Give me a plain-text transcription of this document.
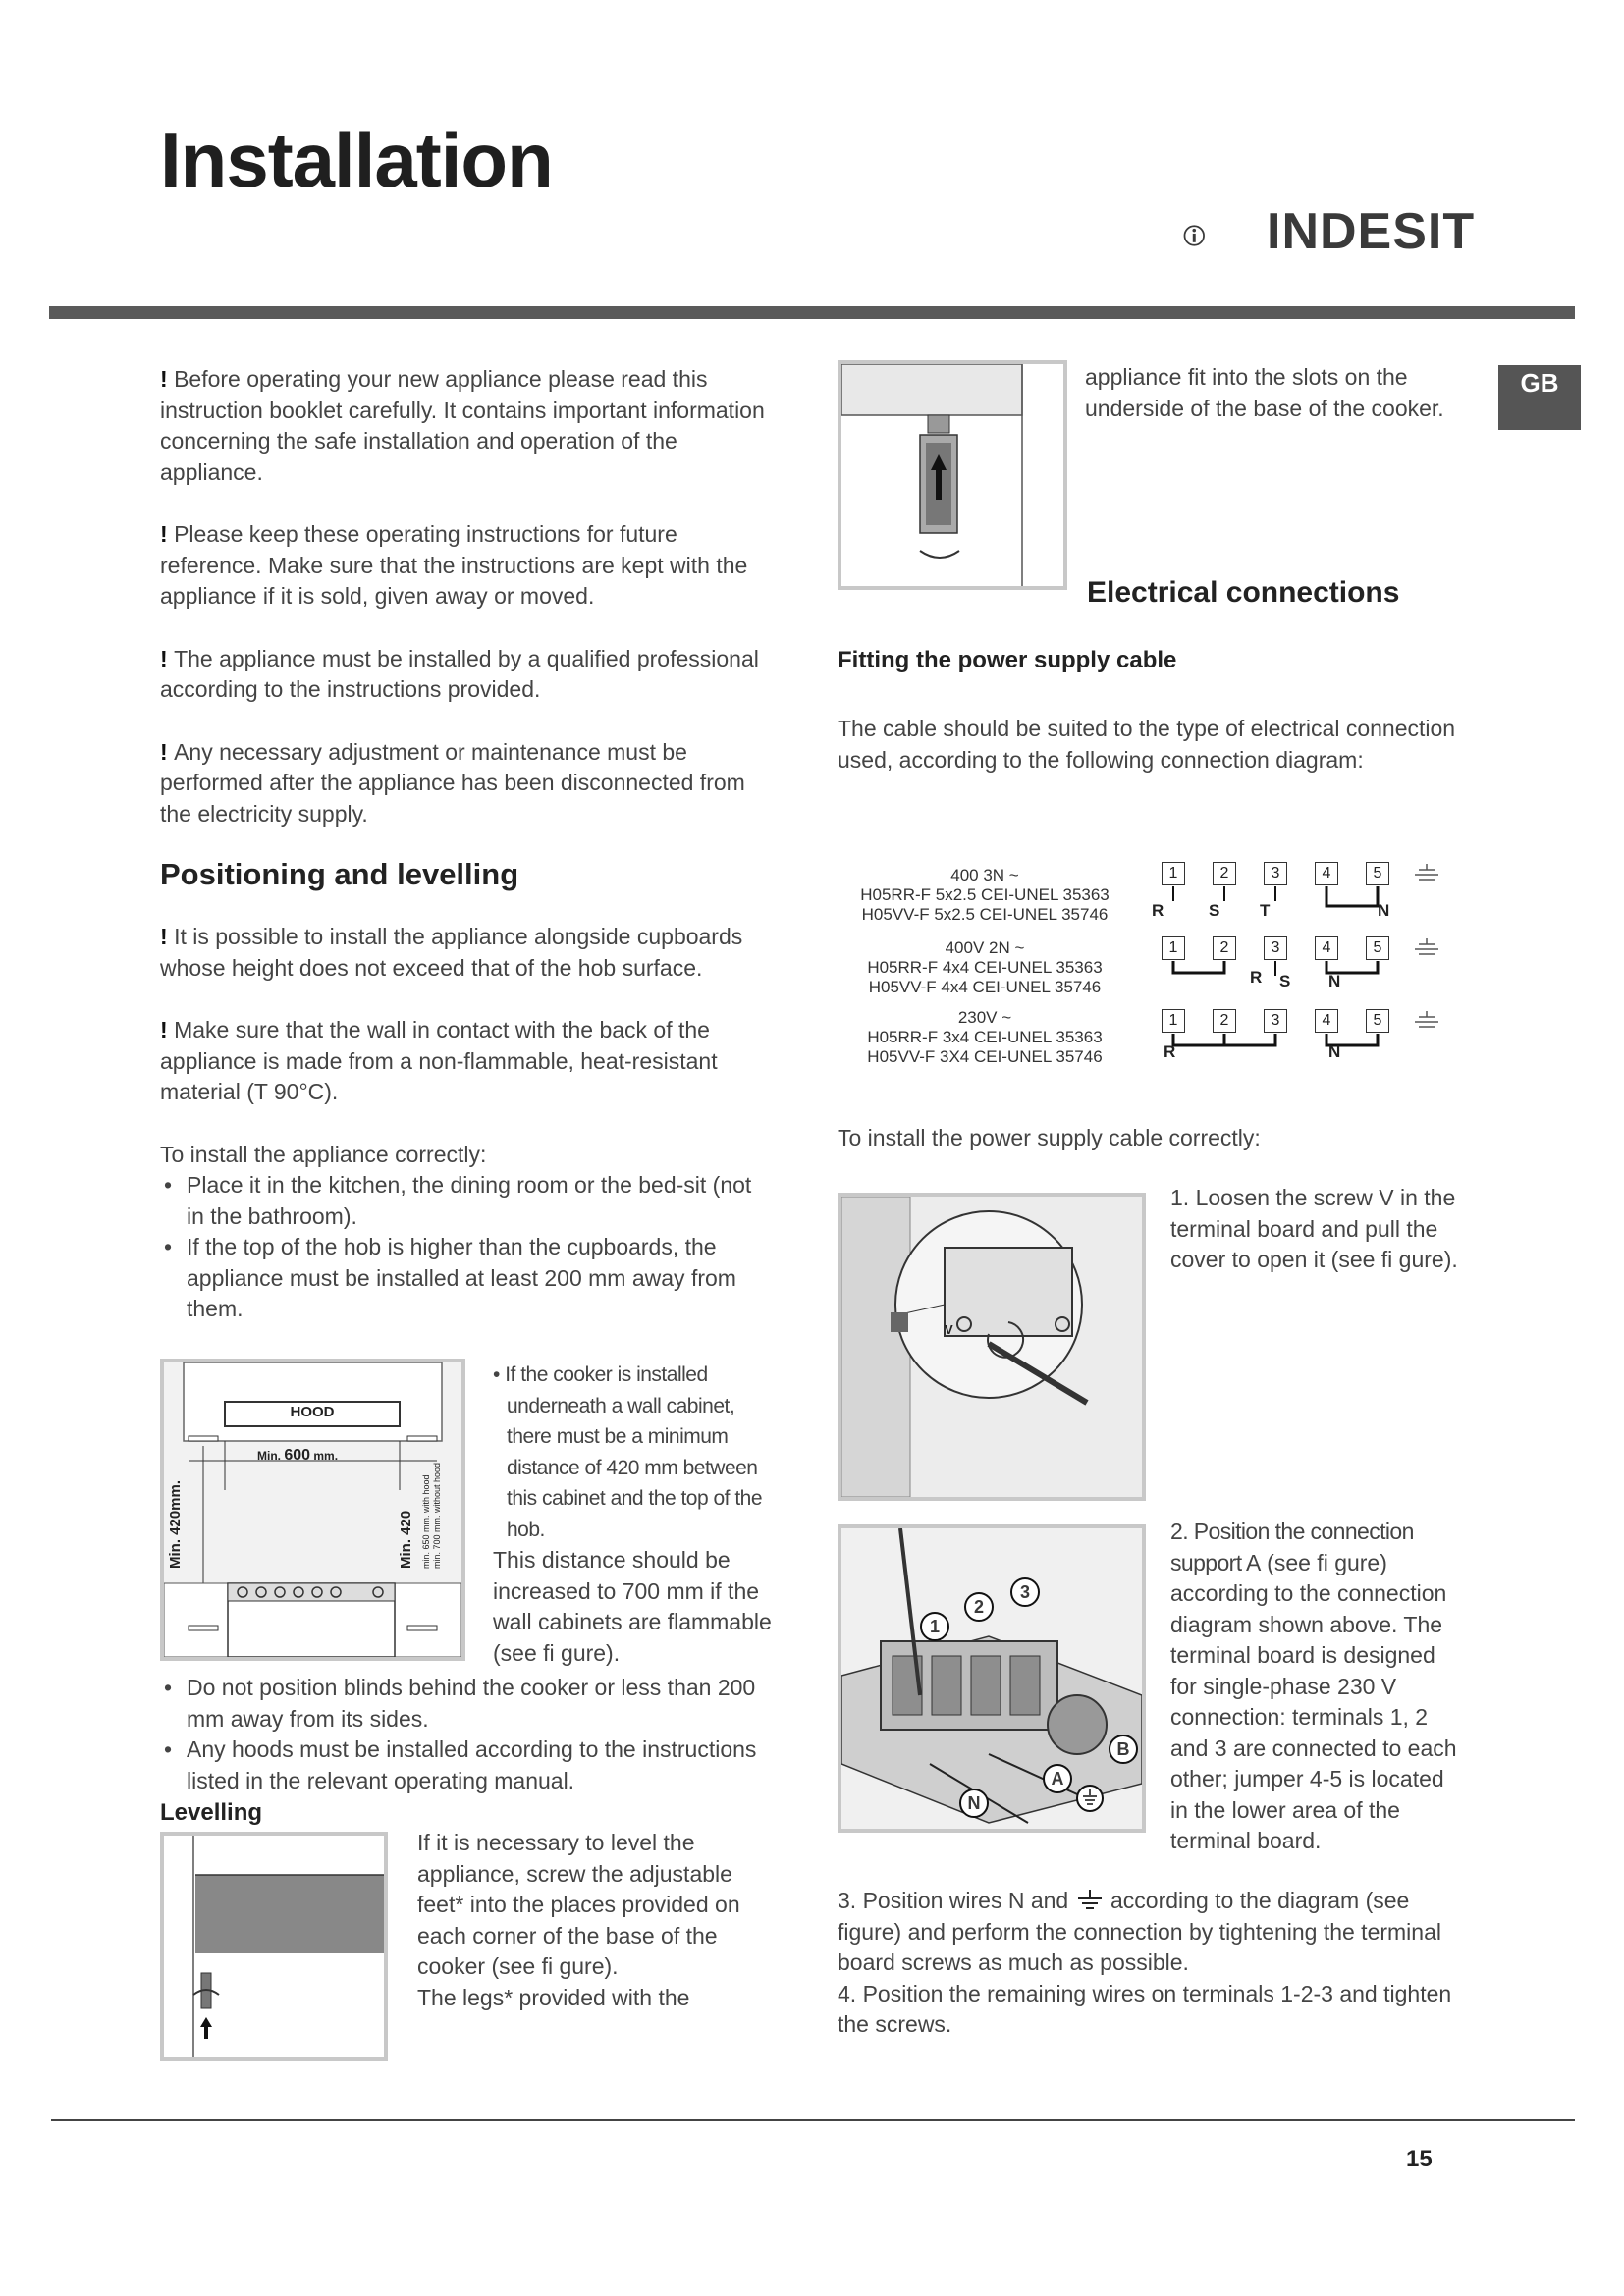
Installation
INDESIT
GB

! Before operating your new appliance please read this instruction booklet carefully. It contains important information concerning the safe installation and operation of the appliance.

! Please keep these operating instructions for future reference. Make sure that the instructions are kept with the appliance if it is sold, given away or moved.

! The appliance must be installed by a qualified professional according to the instructions provided.

! Any necessary adjustment or maintenance must be performed after the appliance has been disconnected from the electricity supply.

Positioning and levelling

! It is possible to install the appliance alongside cupboards whose height does not exceed that of the hob surface.

! Make sure that the wall in contact with the back of the appliance is made from a non-flammable, heat-resistant material (T 90°C).

To install the appliance correctly:

• Place it in the kitchen, the dining room or the bed-sit (not in the bathroom).
• If the top of the hob is higher than the cupboards, the appliance must be installed at least 200 mm away from them.
HOOD
Min. 600 mm.
Min. 420mm.	Min. 420 min. 650 mm. with hood min. 700 mm. without hood
• If the cooker is installed underneath a wall cabinet, there must be a minimum distance of 420 mm between this cabinet and the top of the hob.
This distance should be increased to 700 mm if the wall cabinets are flammable (see fi gure).
• Do not position blinds behind the cooker or less than 200 mm away from its sides.
• Any hoods must be installed according to the instructions listed in the relevant operating manual.
Levelling
If it is necessary to level the appliance, screw the adjustable feet* into the places provided on each corner of the base of the cooker (see fi gure).
The legs* provided with the
appliance fit into the slots on the underside of the base of the cooker.
Electrical connections
Fitting the power supply cable
The cable should be suited to the type of electrical connection used, according to the following connection diagram:
400 3N ~
H05RR-F 5x2.5 CEI-UNEL 35363
H05VV-F 5x2.5 CEI-UNEL 35746
400V 2N ~
H05RR-F 4x4 CEI-UNEL 35363
H05VV-F 4x4 CEI-UNEL 35746
230V ~
H05RR-F 3x4 CEI-UNEL 35363
H05VV-F 3X4 CEI-UNEL 35746
1	2	3	4	5
R	S T	N
1	2	3	4	5
R S N
1	2	3	4	5
R	N
To install the power supply cable correctly:
V
1. Loosen the screw V in the terminal board and pull the cover to open it (see fi gure).
1
2
3
B
A
N
2. Position the connection support A (see fi gure)
according to the connection diagram shown above. The terminal board is designed for single-phase 230 V connection: terminals 1, 2 and 3 are connected to each other; jumper 4-5 is located in the lower area of the terminal board.
3. Position wires N and according to the diagram (see figure) and perform the connection by tightening the terminal board screws as much as possible.
4. Position the remaining wires on terminals 1-2-3 and tighten the screws.
15
